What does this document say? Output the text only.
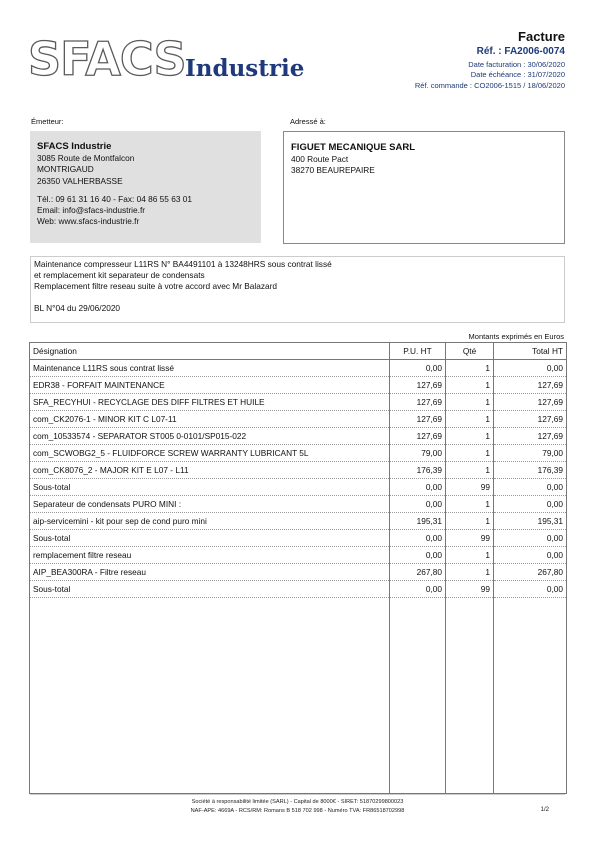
SFACS Industrie
Facture
Réf. : FA2006-0074
Date facturation : 30/06/2020
Date échéance : 31/07/2020
Réf. commande : CO2006-1515 / 18/06/2020
Émetteur:	Adressé à:
SFACS Industrie
3085 Route de Montfalcon
MONTRIGAUD
26350 VALHERBASSE
Tél.: 09 61 31 16 40 - Fax: 04 86 55 63 01
Email: info@sfacs-industrie.fr
Web: www.sfacs-industrie.fr
FIGUET MECANIQUE SARL
400 Route Pact
38270 BEAUREPAIRE
Maintenance compresseur L11RS N° BA4491101 à 13248HRS sous contrat lissé
et remplacement kit separateur de condensats
Remplacement filtre reseau suite à votre accord avec Mr Balazard
BL N°04 du 29/06/2020
Montants exprimés en Euros
Désignation	P.U. HT	Qté	Total HT
Maintenance L11RS sous contrat lissé	0,00	1	0,00
EDR38 - FORFAIT MAINTENANCE	127,69	1	127,69
SFA_RECYHUI - RECYCLAGE DES DIFF FILTRES ET HUILE	127,69	1	127,69
com_CK2076-1 - MINOR KIT C L07-11	127,69	1	127,69
com_10533574 - SEPARATOR ST005 0-0101/SP015-022	127,69	1	127,69
com_SCWOBG2_5 - FLUIDFORCE SCREW WARRANTY LUBRICANT 5L	79,00	1	79,00
com_CK8076_2 - MAJOR KIT E L07 - L11	176,39	1	176,39
Sous-total	0,00	99	0,00
Separateur de condensats PURO MINI :	0,00	1	0,00
aip-servicemini - kit pour sep de cond puro mini	195,31	1	195,31
Sous-total	0,00	99	0,00
remplacement filtre reseau	0,00	1	0,00
AIP_BEA300RA - Filtre reseau	267,80	1	267,80
Sous-total	0,00	99	0,00

Société à responsabilité limitée (SARL) - Capital de 8000€ - SIRET: 51870299800023
NAF-APE: 4669A - RCS/RM: Romans B 518 702 998 - Numéro TVA: FR86518702998	1/2
